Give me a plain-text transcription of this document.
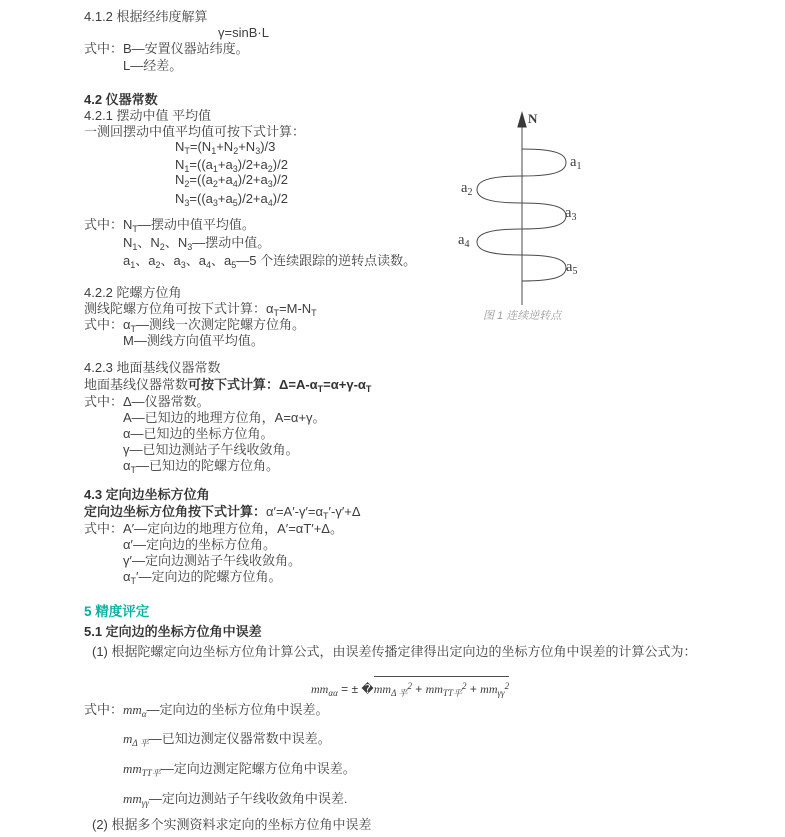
4.1.2 根据经纬度解算
γ=sinB·L
式中：B—安置仪器站纬度。
L—经差。
4.2 仪器常数
4.2.1 摆动中值 平均值
一测回摆动中值平均值可按下式计算：
$N_T=(N_1+N_2+N_3)/3$
$N_1=((a_1+a_3)/2+a_2)/2$
$N_2=((a_2+a_4)/2+a_3)/2$
$N_3=((a_3+a_5)/2+a_4)/2$
式中：$N_T—$摆动中值平均值。
$N_1$、$N_2$、$N_3—$摆动中值。
$a_1$、$a_2$、$a_3$、$a_4$、$a_5—5$ 个连续跟踪的逆转点读数。
4.2.2 陀螺方位角
测线陀螺方位角可按下式计算：$\alpha_T=M-N_T$
式中：$\alpha_T—$测线一次测定陀螺方位角。
M—测线方向值平均值。
4.2.3 地面基线仪器常数
地面基线仪器常数可按下式计算：$\Delta=A-\alpha_T=\alpha+\gamma-\alpha_T$
式中：Δ—仪器常数。
A—已知边的地理方位角，A=α+γ。
α—已知边的坐标方位角。
γ—已知边测站子午线收敛角。
$\alpha_T—$已知边的陀螺方位角。
4.3 定向边坐标方位角
定向边坐标方位角按下式计算：$\alpha'=A'-\gamma'=\alpha_T'-\gamma'+\Delta$
式中：A′—定向边的地理方位角，A′=αT′+Δ。
α′—定向边的坐标方位角。
γ′—定向边测站子午线收敛角。
$\alpha_T'—$定向边的陀螺方位角。
5 精度评定
5.1 定向边的坐标方位角中误差
(1) 根据陀螺定向边坐标方位角计算公式，由误差传播定律得出定向边的坐标方位角中误差的计算公式为：
$mm_{\alpha\alpha}$ = ± $�mm_{\Delta 平}^2 + mm_{TT平}^2 + mm_{\gamma\gamma}^2$
式中：$mm_\alpha—$定向边的坐标方位角中误差。
$m_{\Delta 平}—$已知边测定仪器常数中误差。
$mm_{TT平}—$定向边测定陀螺方位角中误差。
$mm_{\gamma\gamma}—$定向边测站子午线收敛角中误差.
(2) 根据多个实测资料求定向的坐标方位角中误差
N
$a_1$
$a_2$
$a_3$
$a_4$
$a_5$
图 1 连续逆转点
